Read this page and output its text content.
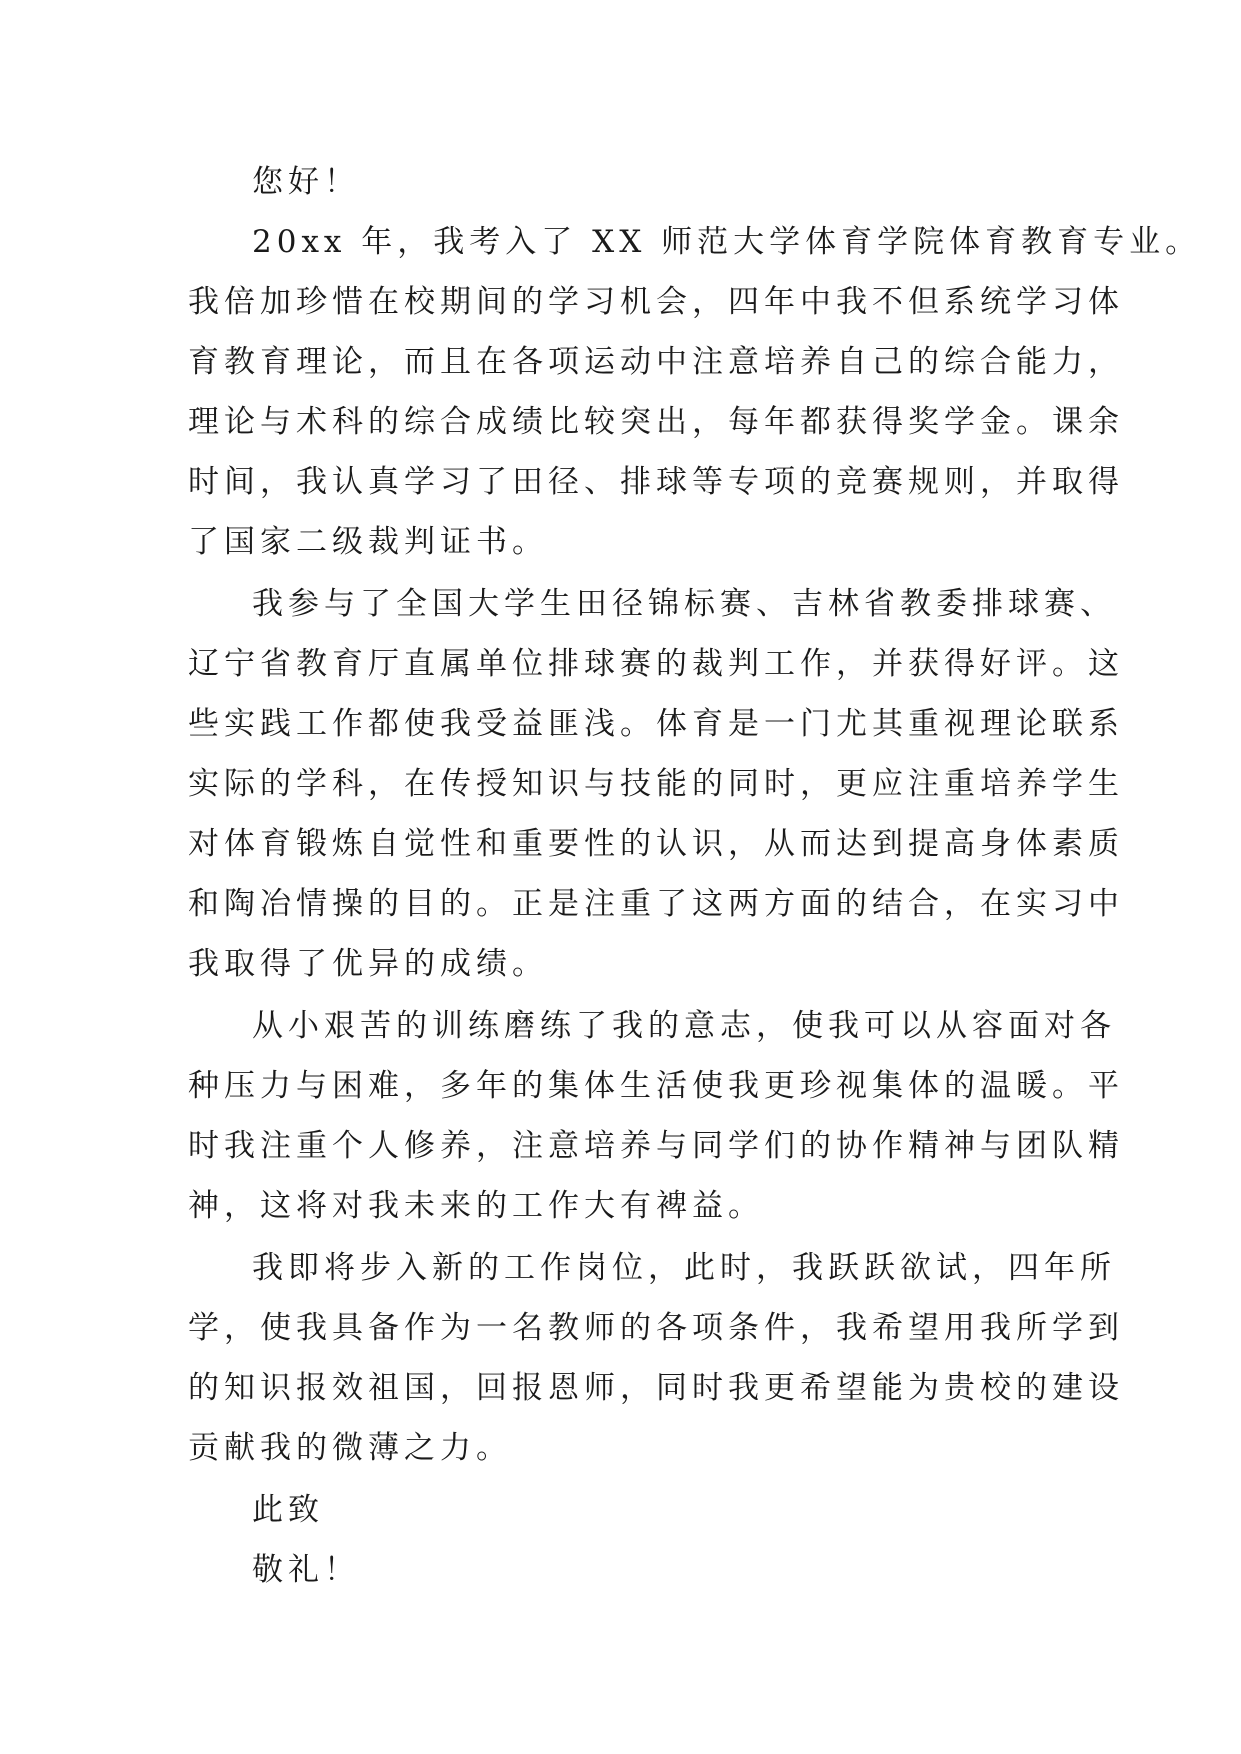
您好！
20xx 年，我考入了 XX 师范大学体育学院体育教育专业。
我倍加珍惜在校期间的学习机会，四年中我不但系统学习体
育教育理论，而且在各项运动中注意培养自己的综合能力，
理论与术科的综合成绩比较突出，每年都获得奖学金。课余
时间，我认真学习了田径、排球等专项的竞赛规则，并取得
了国家二级裁判证书。
我参与了全国大学生田径锦标赛、吉林省教委排球赛、
辽宁省教育厅直属单位排球赛的裁判工作，并获得好评。这
些实践工作都使我受益匪浅。体育是一门尤其重视理论联系
实际的学科，在传授知识与技能的同时，更应注重培养学生
对体育锻炼自觉性和重要性的认识，从而达到提高身体素质
和陶冶情操的目的。正是注重了这两方面的结合，在实习中
我取得了优异的成绩。
从小艰苦的训练磨练了我的意志，使我可以从容面对各
种压力与困难，多年的集体生活使我更珍视集体的温暖。平
时我注重个人修养，注意培养与同学们的协作精神与团队精
神，这将对我未来的工作大有裨益。
我即将步入新的工作岗位，此时，我跃跃欲试，四年所
学，使我具备作为一名教师的各项条件，我希望用我所学到
的知识报效祖国，回报恩师，同时我更希望能为贵校的建设
贡献我的微薄之力。
此致
敬礼！
